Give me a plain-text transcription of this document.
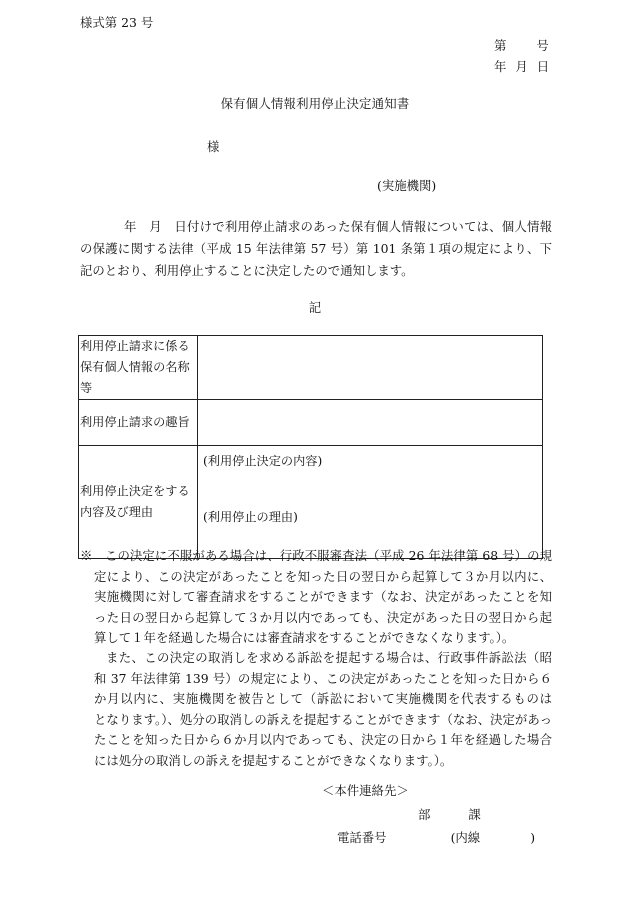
様式第 23 号
第 号
年 月 日
保有個人情報利用停止決定通知書
様
(実施機関)
年　月　日付けで利用停止請求のあった保有個人情報については、個人情報の保護に関する法律（平成 15 年法律第 57 号）第 101 条第１項の規定により、下記のとおり、利用停止することに決定したので通知します。
記
利用停止請求に係る保有個人情報の名称等	
利用停止請求の趣旨	
利用停止決定をする内容及び理由	(利用停止決定の内容)
(利用停止の理由)
※　この決定に不服がある場合は、行政不服審査法（平成 26 年法律第 68 号）の規定により、この決定があったことを知った日の翌日から起算して３か月以内に、実施機関に対して審査請求をすることができます（なお、決定があったことを知った日の翌日から起算して３か月以内であっても、決定があった日の翌日から起算して１年を経過した場合には審査請求をすることができなくなります。）。
また、この決定の取消しを求める訴訟を提起する場合は、行政事件訴訟法（昭和 37 年法律第 139 号）の規定により、この決定があったことを知った日から６か月以内に、実施機関を被告として（訴訟において実施機関を代表するものは　　　　　となります。）、処分の取消しの訴えを提起することができます（なお、決定があったことを知った日から６か月以内であっても、決定の日から１年を経過した場合には処分の取消しの訴えを提起することができなくなります。）。
＜本件連絡先＞
部	課
電話番号	(内線	)
